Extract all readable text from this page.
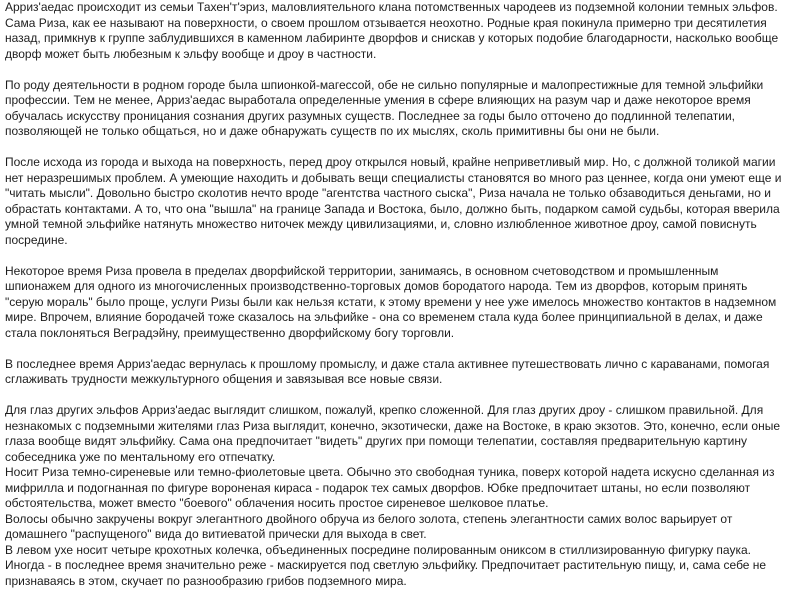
Арриз'аедас происходит из семьи Тахен'т'эриз, маловлиятельного клана потомственных чародеев из подземной колонии темных эльфов. Сама Риза, как ее называют на поверхности, о своем прошлом отзывается неохотно. Родные края покинула примерно три десятилетия назад, примкнув к группе заблудившихся в каменном лабиринте дворфов и снискав у которых подобие благодарности, насколько вообще дворф может быть любезным к эльфу вообще и дроу в частности.

По роду деятельности в родном городе была шпионкой-магессой, обе не сильно популярные и малопрестижные для темной эльфийки профессии. Тем не менее, Арриз'аедас выработала определенные умения в сфере влияющих на разум чар и даже некоторое время обучалась искусству проницания сознания других разумных существ. Последнее за годы было отточено до подлинной телепатии, позволяющей не только общаться, но и даже обнаружать существ по их мыслях, сколь примитивны бы они не были.

После исхода из города и выхода на поверхность, перед дроу открылся новый, крайне неприветливый мир. Но, с должной толикой магии нет неразрешимых проблем. А умеющие находить и добывать вещи специалисты становятся во много раз ценнее, когда они умеют еще и "читать мысли". Довольно быстро сколотив нечто вроде "агентства частного сыска", Риза начала не только обзаводиться деньгами, но и обрастать контактами. А то, что она "вышла" на границе Запада и Востока, было, должно быть, подарком самой судьбы, которая вверила умной темной эльфийке натянуть множество ниточек между цивилизациями, и, словно излюбленное животное дроу, самой повиснуть посредине.

Некоторое время Риза провела в пределах дворфийской территории, занимаясь, в основном счетоводством и промышленным шпионажем для одного из многочисленных производственно-торговых домов бородатого народа. Тем из дворфов, которым принять "серую мораль" было проще, услуги Ризы были как нельзя кстати, к этому времени у нее уже имелось множество контактов в надземном мире. Впрочем, влияние бородачей тоже сказалось на эльфийке - она со временем стала куда более принципиальной в делах, и даже стала поклоняться Веградэйну, преимущественно дворфийскому богу торговли.

В последнее время Арриз'аедас вернулась к прошлому промыслу, и даже стала активнее путешествовать лично с караванами, помогая сглаживать трудности межкультурного общения и завязывая все новые связи.

Для глаз других эльфов Арриз'аедас выглядит слишком, пожалуй, крепко сложенной. Для глаз других дроу - слишком правильной. Для незнакомых с подземными жителями глаз Риза выглядит, конечно, экзотически, даже на Востоке, в краю экзотов. Это, конечно, если оные глаза вообще видят эльфийку. Сама она предпочитает "видеть" других при помощи телепатии, составляя предварительную картину собеседника уже по ментальному его отпечатку.

Носит Риза темно-сиреневые или темно-фиолетовые цвета. Обычно это свободная туника, поверх которой надета искусно сделанная из мифрилла и подогнанная по фигуре вороненая кираса - подарок тех самых дворфов. Юбке предпочитает штаны, но если позволяют обстоятельства, может вместо "боевого" облачения носить простое сиреневое шелковое платье.

Волосы обычно закручены вокруг элегантного двойного обруча из белого золота, степень элегантности самих волос варьирует от домашнего "распущеного" вида до витиеватой прически для выхода в свет.

В левом ухе носит четыре крохотных колечка, объединенных посредине полированным ониксом в стиллизированную фигурку паука.

Иногда - в последнее время значительно реже - маскируется под светлую эльфийку. Предпочитает растительную пищу, и, сама себе не признаваясь в этом, скучает по разнообразию грибов подземного мира.
